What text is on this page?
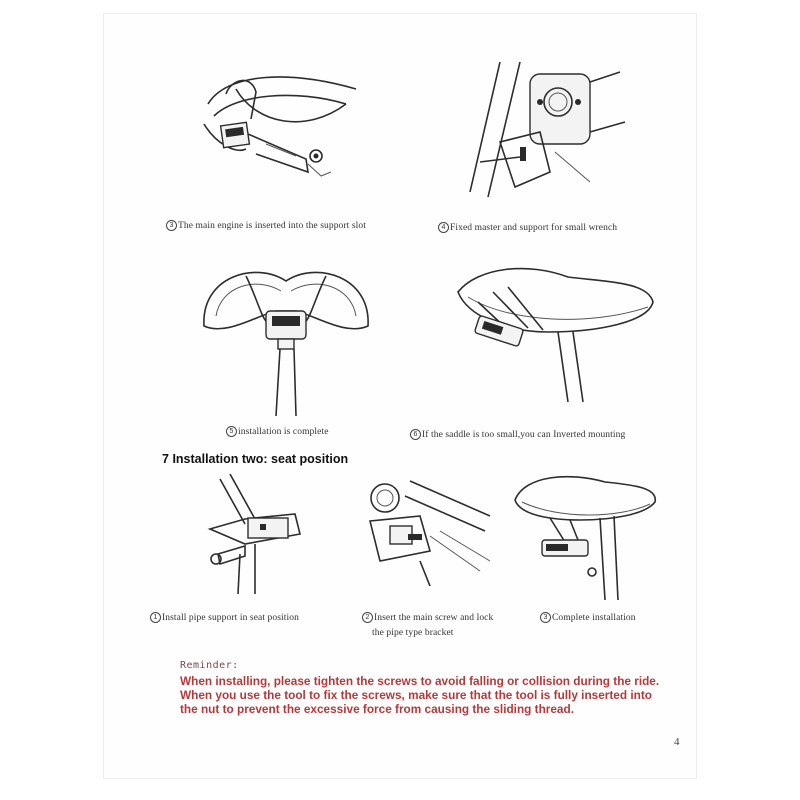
3 The main engine is inserted into the support slot	4 Fixed master and support for small wrench
5 installation is complete	6 If the saddle is too small,you can Inverted mounting
7 Installation two: seat position
1 Install pipe support in seat position	2 Insert the main screw and lock
the pipe type bracket
3 Complete installation
Reminder:
When installing, please tighten the screws to avoid falling or collision during the ride. When you use the tool to fix the screws, make sure that the tool is fully inserted into the nut to prevent the excessive force from causing the sliding thread.
4
